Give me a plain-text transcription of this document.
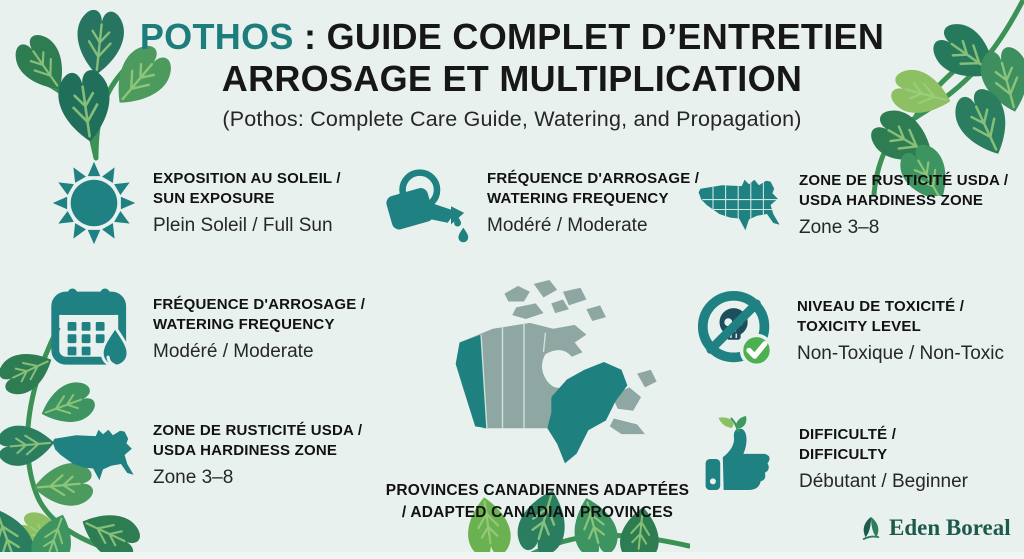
POTHOS : GUIDE COMPLET D’ENTRETIEN
ARROSAGE ET MULTIPLICATION
(Pothos: Complete Care Guide, Watering, and Propagation)
EXPOSITION AU SOLEIL /
SUN EXPOSURE
Plein Soleil / Full Sun
FRÉQUENCE D'ARROSAGE /
WATERING FREQUENCY
Modéré / Moderate
ZONE DE RUSTICITÉ USDA /
USDA HARDINESS ZONE
Zone 3–8
FRÉQUENCE D'ARROSAGE /
WATERING FREQUENCY
Modéré / Moderate
NIVEAU DE TOXICITÉ /
TOXICITY LEVEL
Non-Toxique / Non-Toxic
ZONE DE RUSTICITÉ USDA /
USDA HARDINESS ZONE
Zone 3–8
DIFFICULTÉ /
DIFFICULTY
Débutant / Beginner
PROVINCES CANADIENNES ADAPTÉES
/ ADAPTED CANADIAN PROVINCES
Eden Boreal
